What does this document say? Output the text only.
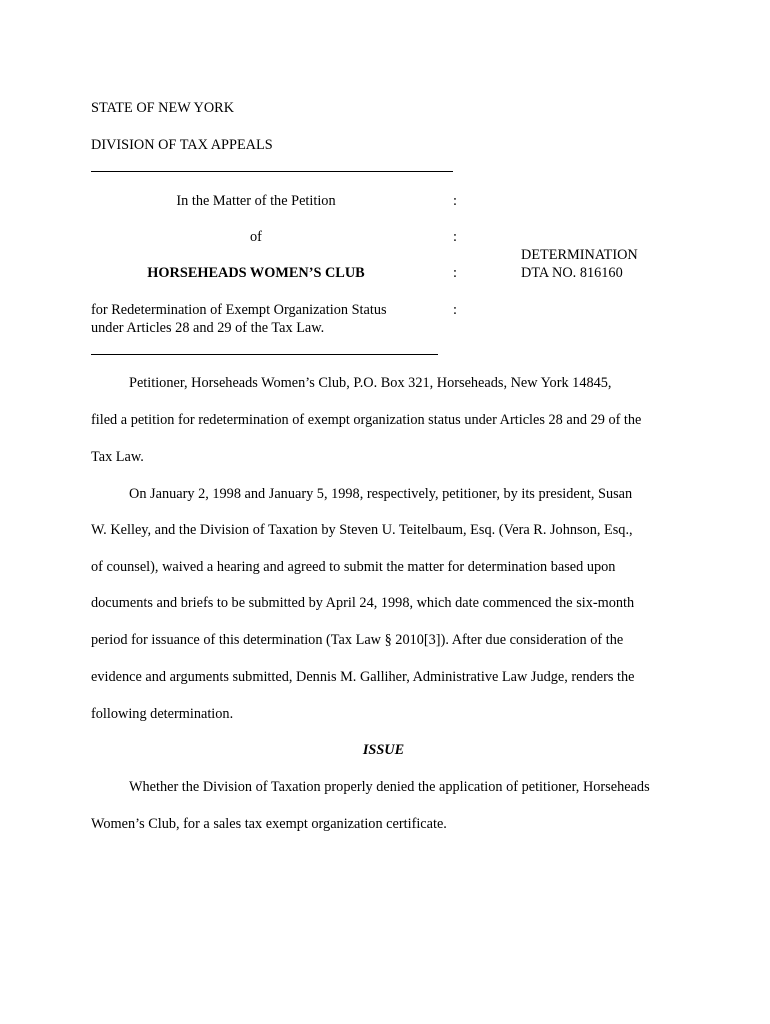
STATE OF NEW YORK
DIVISION OF TAX APPEALS
In the Matter of the Petition	:
of	:
DETERMINATION
HORSEHEADS WOMEN’S CLUB	:	DTA NO. 816160
for Redetermination of Exempt Organization Status	:
under Articles 28 and 29 of the Tax Law.
Petitioner, Horseheads Women’s Club, P.O. Box 321, Horseheads, New York 14845,
filed a petition for redetermination of exempt organization status under Articles 28 and 29 of the
Tax Law.
On January 2, 1998 and January 5, 1998, respectively, petitioner, by its president, Susan
W. Kelley, and the Division of Taxation by Steven U. Teitelbaum, Esq. (Vera R. Johnson, Esq.,
of counsel), waived a hearing and agreed to submit the matter for determination based upon
documents and briefs to be submitted by April 24, 1998, which date commenced the six-month
period for issuance of this determination (Tax Law § 2010[3]). After due consideration of the
evidence and arguments submitted, Dennis M. Galliher, Administrative Law Judge, renders the
following determination.
ISSUE
Whether the Division of Taxation properly denied the application of petitioner, Horseheads
Women’s Club, for a sales tax exempt organization certificate.
